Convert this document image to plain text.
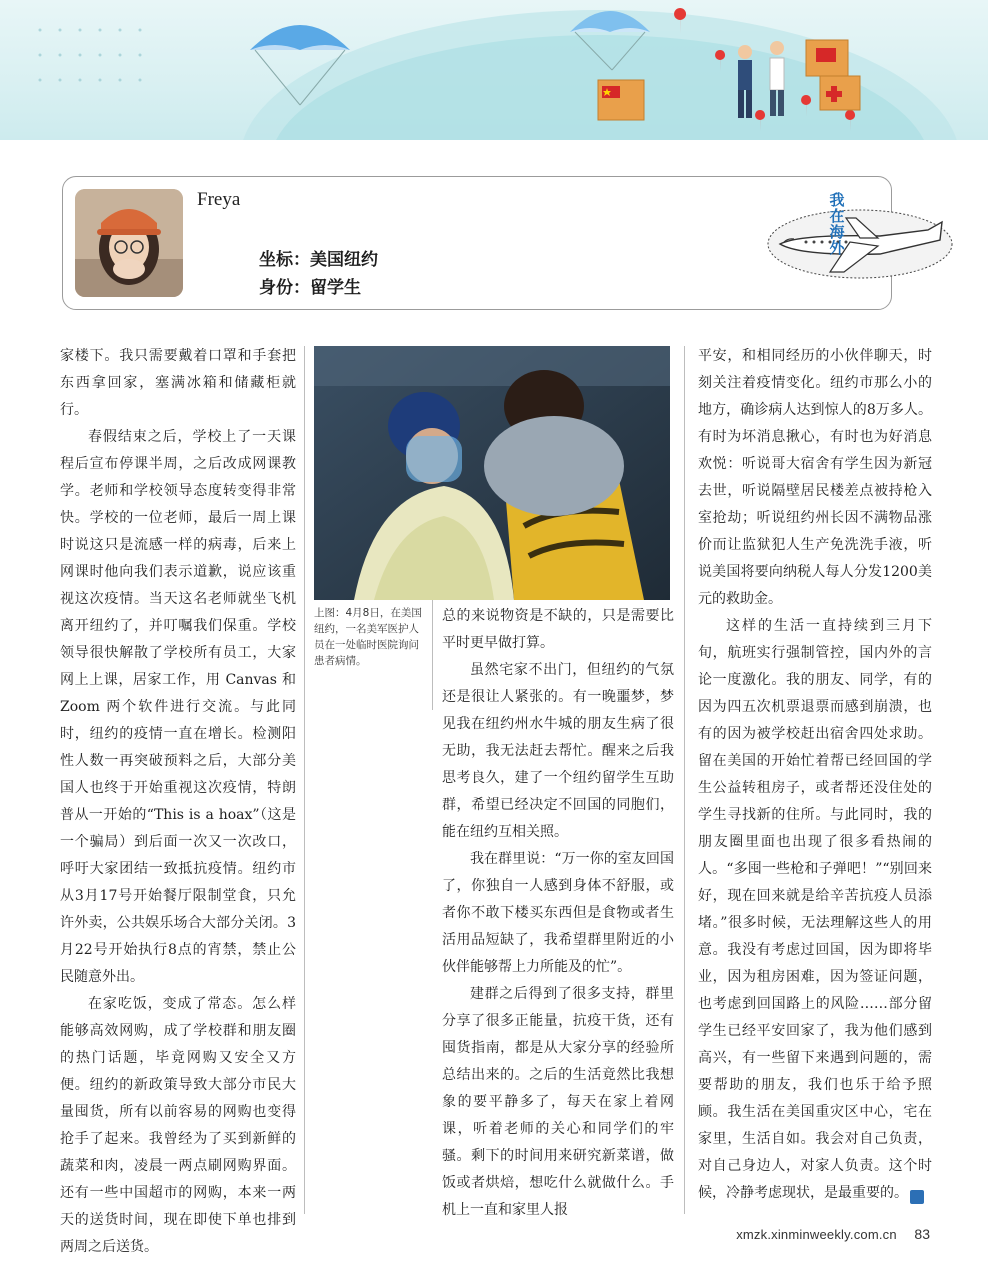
Freya
坐标：美国纽约
身份：留学生
我在海外

家楼下。我只需要戴着口罩和手套把东西拿回家，塞满冰箱和储藏柜就行。

春假结束之后，学校上了一天课程后宣布停课半周，之后改成网课教学。老师和学校领导态度转变得非常快。学校的一位老师，最后一周上课时说这只是流感一样的病毒，后来上网课时他向我们表示道歉，说应该重视这次疫情。当天这名老师就坐飞机离开纽约了，并叮嘱我们保重。学校领导很快解散了学校所有员工，大家网上上课，居家工作，用 Canvas 和 Zoom 两个软件进行交流。与此同时，纽约的疫情一直在增长。检测阳性人数一再突破预料之后，大部分美国人也终于开始重视这次疫情，特朗普从一开始的“This is a hoax”（这是一个骗局）到后面一次又一次改口，呼吁大家团结一致抵抗疫情。纽约市从3月17号开始餐厅限制堂食，只允许外卖，公共娱乐场合大部分关闭。3月22号开始执行8点的宵禁，禁止公民随意外出。

在家吃饭，变成了常态。怎么样能够高效网购，成了学校群和朋友圈的热门话题，毕竟网购又安全又方便。纽约的新政策导致大部分市民大量囤货，所有以前容易的网购也变得抢手了起来。我曾经为了买到新鲜的蔬菜和肉，凌晨一两点刷网购界面。还有一些中国超市的网购，本来一两天的送货时间，现在即使下单也排到两周之后送货。

上图：4月8日，在美国纽约，一名美军医护人员在一处临时医院询问患者病情。

总的来说物资是不缺的，只是需要比平时更早做打算。

虽然宅家不出门，但纽约的气氛还是很让人紧张的。有一晚噩梦，梦见我在纽约州水牛城的朋友生病了很无助，我无法赶去帮忙。醒来之后我思考良久，建了一个纽约留学生互助群，希望已经决定不回国的同胞们，能在纽约互相关照。

我在群里说：“万一你的室友回国了，你独自一人感到身体不舒服，或者你不敢下楼买东西但是食物或者生活用品短缺了，我希望群里附近的小伙伴能够帮上力所能及的忙”。

建群之后得到了很多支持，群里分享了很多正能量，抗疫干货，还有囤货指南，都是从大家分享的经验所总结出来的。之后的生活竟然比我想象的要平静多了，每天在家上着网课，听着老师的关心和同学们的牢骚。剩下的时间用来研究新菜谱，做饭或者烘焙，想吃什么就做什么。手机上一直和家里人报

平安，和相同经历的小伙伴聊天，时刻关注着疫情变化。纽约市那么小的地方，确诊病人达到惊人的8万多人。有时为坏消息揪心，有时也为好消息欢悦：听说哥大宿舍有学生因为新冠去世，听说隔壁居民楼差点被持枪入室抢劫；听说纽约州长因不满物品涨价而让监狱犯人生产免洗洗手液，听说美国将要向纳税人每人分发1200美元的救助金。

这样的生活一直持续到三月下旬，航班实行强制管控，国内外的言论一度激化。我的朋友、同学，有的因为四五次机票退票而感到崩溃，也有的因为被学校赶出宿舍四处求助。留在美国的开始忙着帮已经回国的学生公益转租房子，或者帮还没住处的学生寻找新的住所。与此同时，我的朋友圈里面也出现了很多看热闹的人。“多囤一些枪和子弹吧！”“别回来好，现在回来就是给辛苦抗疫人员添堵。”很多时候，无法理解这些人的用意。我没有考虑过回国，因为即将毕业，因为租房困难，因为签证问题，也考虑到回国路上的风险……部分留学生已经平安回家了，我为他们感到高兴，有一些留下来遇到问题的，需要帮助的朋友，我们也乐于给予照顾。我生活在美国重灾区中心，宅在家里，生活自如。我会对自己负责，对自己身边人，对家人负责。这个时候，冷静考虑现状，是最重要的。	民

xmzk.xinminweekly.com.cn 83
